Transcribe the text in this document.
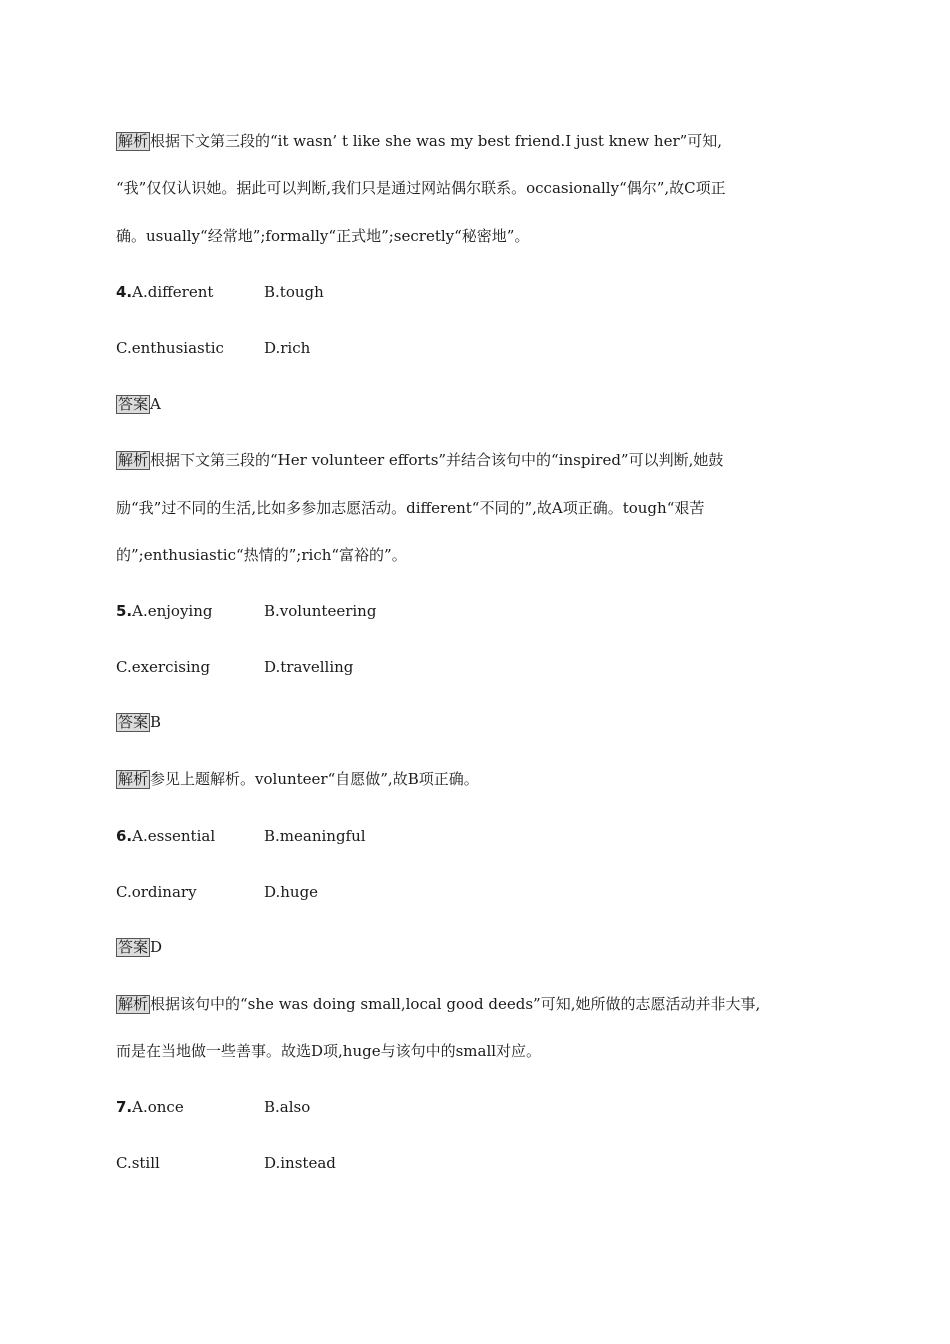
解析 根据下文第三段的“it wasn’ t like she was my best friend.I just knew her”可知,
“我”仅仅认识她。据此可以判断,我们只是通过网站偶尔联系。occasionally“偶尔”,故C项正
确。usually“经常地”;formally“正式地”;secretly“秘密地”。
4.A.different	B.tough
C.enthusiastic	D.rich
答案 A
解析 根据下文第三段的“Her volunteer efforts”并结合该句中的“inspired”可以判断,她鼓
励“我”过不同的生活,比如多参加志愿活动。different“不同的”,故A项正确。tough“艰苦
的”;enthusiastic“热情的”;rich“富裕的”。
5.A.enjoying	B.volunteering
C.exercising	D.travelling
答案 B
解析 参见上题解析。volunteer“自愿做”,故B项正确。
6.A.essential	B.meaningful
C.ordinary	D.huge
答案 D
解析 根据该句中的“she was doing small,local good deeds”可知,她所做的志愿活动并非大事,
而是在当地做一些善事。故选D项,huge与该句中的small对应。
7.A.once	B.also
C.still	D.instead
